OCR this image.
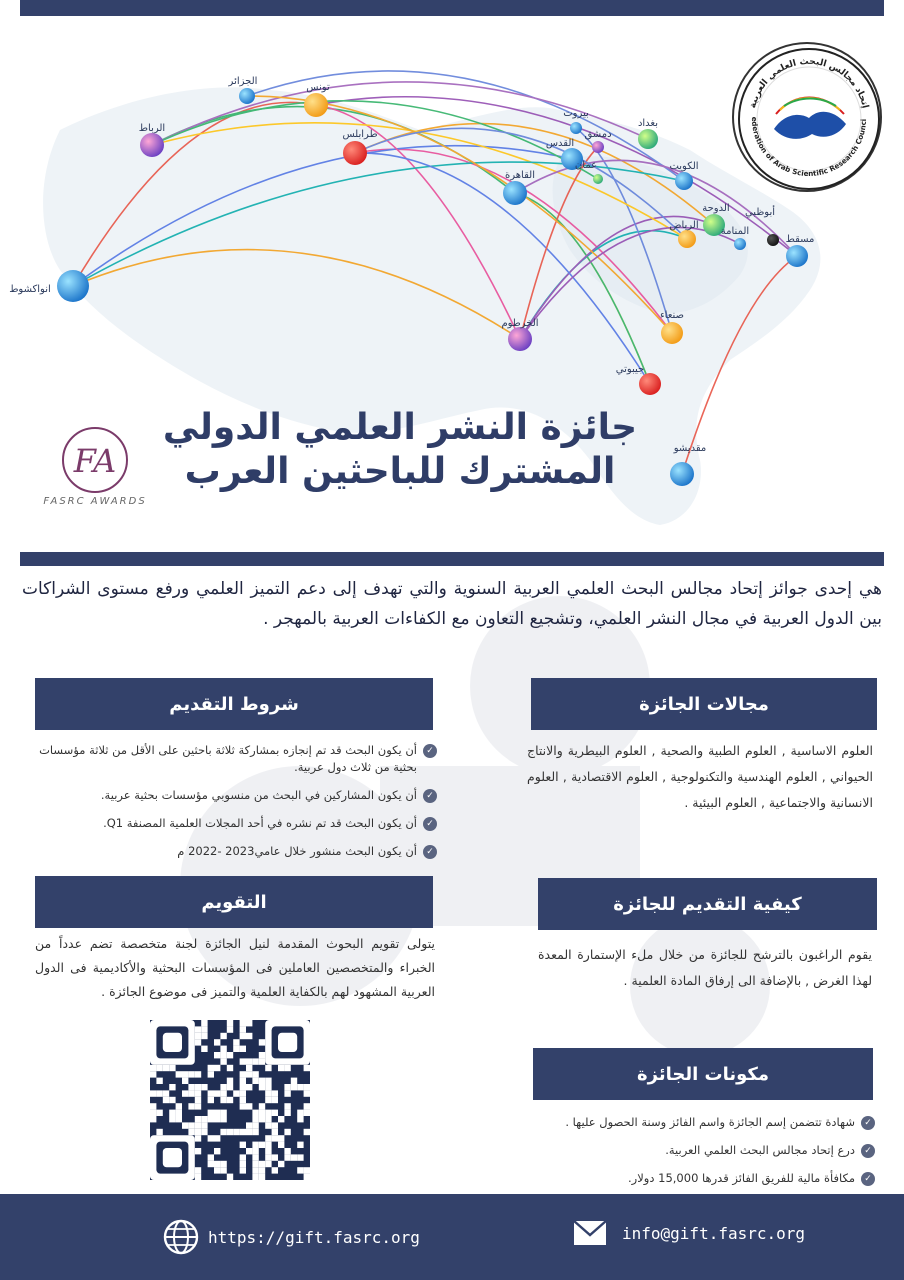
الجزائر
تونس
الرباط
طرابلس
بيروت
دمشق
القدس
بغداد
عمان
القاهرة
الكويت
أبوظبي
الدوحة
المنامة
الرياض
مسقط
انواكشوط
الخرطوم
صنعاء
جيبوتي
مقديشو
إتحاد مجالس البحث العلمي العربية
ederation of Arab Scientific Research Counci
FA
FASRC AWARDS
جائزة النشر العلمي الدولي
المشترك للباحثين العرب
هي إحدى جوائز إتحاد مجالس البحث العلمي العربية السنوية والتي تهدف إلى دعم التميز العلمي ورفع مستوى الشراكات بين الدول العربية في مجال النشر العلمي، وتشجيع التعاون مع الكفاءات العربية بالمهجر .
مجالات الجائزة
العلوم الاساسية , العلوم الطبية والصحية , العلوم البيطرية والانتاج الحيواني , العلوم الهندسية والتكنولوجية , العلوم الاقتصادية , العلوم الانسانية والاجتماعية , العلوم البيئية .
شروط التقديم
✓
أن يكون البحث قد تم إنجازه بمشاركة ثلاثة باحثين على الأقل من ثلاثة مؤسسات بحثية من ثلاث دول عربية.
✓
أن يكون المشاركين في البحث من منسوبي مؤسسات بحثية عربية.
✓
أن يكون البحث قد تم نشره في أحد المجلات العلمية المصنفة Q1.
✓
أن يكون البحث منشور خلال عامي2023 -2022 م
كيفية التقديم للجائزة
يقوم الراغبون بالترشح للجائزة من خلال ملء الإستمارة المعدة لهذا الغرض , بالإضافة الى إرفاق المادة العلمية .
التقويم
يتولى تقويم البحوث المقدمة لنيل الجائزة لجنة متخصصة تضم عدداً من الخبراء والمتخصصين العاملين فى المؤسسات البحثية والأكاديمية فى الدول العربية المشهود لهم بالكفاية العلمية والتميز فى موضوع الجائزة .
مكونات الجائزة
✓
شهادة تتضمن إسم الجائزة واسم الفائز وسنة الحصول عليها .
✓
درع إتحاد مجالس البحث العلمي العربية.
✓
مكافأة مالية للفريق الفائز قدرها 15,000 دولار.
https://gift.fasrc.org	info@gift.fasrc.org
